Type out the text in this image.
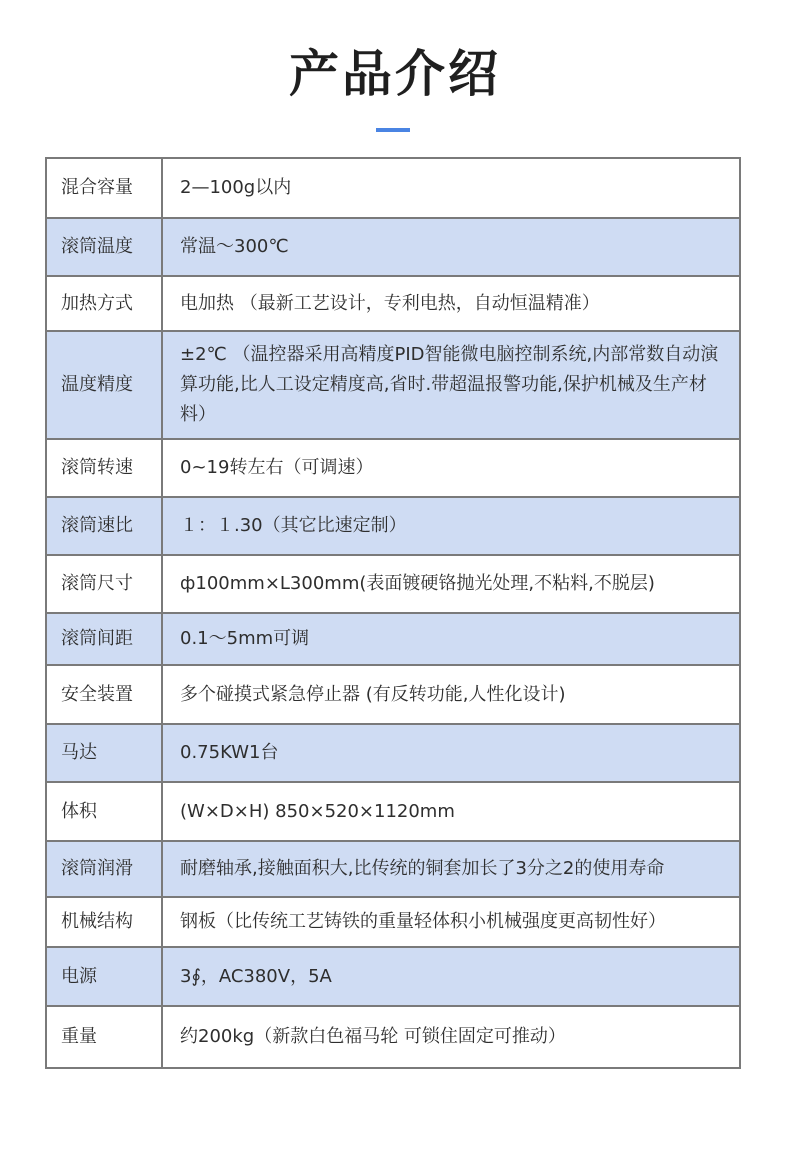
产品介绍
混合容量	2—100g以内
滚筒温度	常温～300℃
加热方式	电加热 （最新工艺设计，专利电热，自动恒温精准）
温度精度	±2℃ （温控器采用高精度PID智能微电脑控制系统,内部常数自动演算功能,比人工设定精度高,省时.带超温报警功能,保护机械及生产材料）
滚筒转速	0~19转左右（可调速）
滚筒速比	１：１.30（其它比速定制）
滚筒尺寸	ф100mm×L300mm(表面镀硬铬抛光处理,不粘料,不脱层)
滚筒间距	0.1～5mm可调
安全装置	多个碰摸式紧急停止器 (有反转功能,人性化设计)
马达	0.75KW1台
体积	(W×D×H) 850×520×1120mm
滚筒润滑	耐磨轴承,接触面积大,比传统的铜套加长了3分之2的使用寿命
机械结构	钢板（比传统工艺铸铁的重量轻体积小机械强度更高韧性好）
电源	3∮，AC380V，5A
重量	约200kg（新款白色福马轮 可锁住固定可推动）
